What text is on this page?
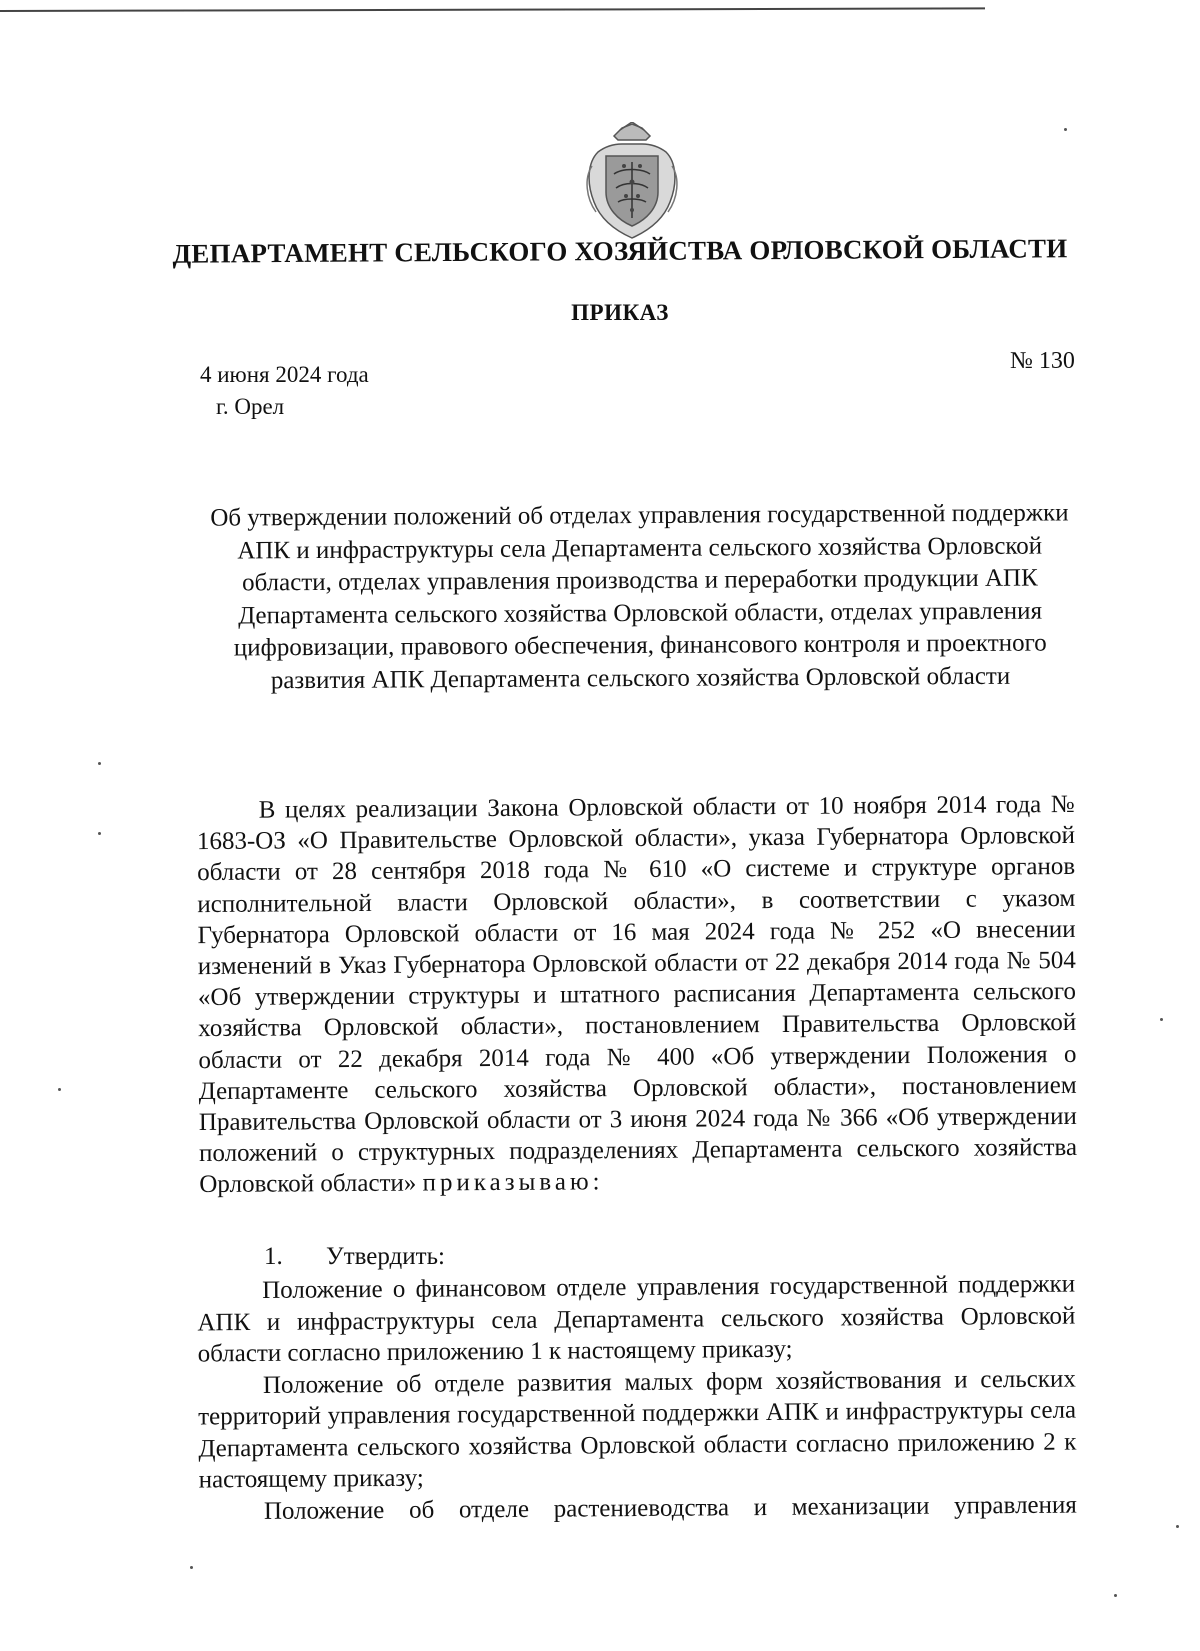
ДЕПАРТАМЕНТ СЕЛЬСКОГО ХОЗЯЙСТВА ОРЛОВСКОЙ ОБЛАСТИ
ПРИКАЗ
№ 130
4 июня 2024 года
г. Орел
Об утверждении положений об отделах управления государственной поддержки АПК и инфраструктуры села Департамента сельского хозяйства Орловской области, отделах управления производства и переработки продукции АПК Департамента сельского хозяйства Орловской области, отделах управления цифровизации, правового обеспечения, финансового контроля и проектного развития АПК Департамента сельского хозяйства Орловской области

В целях реализации Закона Орловской области от 10 ноября 2014 года № 1683-ОЗ «О Правительстве Орловской области», указа Губернатора Орловской области от 28 сентября 2018 года № 610 «О системе и структуре органов исполнительной власти Орловской области», в соответствии с указом Губернатора Орловской области от 16 мая 2024 года № 252 «О внесении изменений в Указ Губернатора Орловской области от 22 декабря 2014 года № 504 «Об утверждении структуры и штатного расписания Департамента сельского хозяйства Орловской области», постановлением Правительства Орловской области от 22 декабря 2014 года № 400 «Об утверждении Положения о Департаменте сельского хозяйства Орловской области», постановлением Правительства Орловской области от 3 июня 2024 года № 366 «Об утверждении положений о структурных подразделениях Департамента сельского хозяйства Орловской области» приказываю:

1. Утвердить:

Положение о финансовом отделе управления государственной поддержки АПК и инфраструктуры села Департамента сельского хозяйства Орловской области согласно приложению 1 к настоящему приказу;

Положение об отделе развития малых форм хозяйствования и сельских территорий управления государственной поддержки АПК и инфраструктуры села Департамента сельского хозяйства Орловской области согласно приложению 2 к настоящему приказу;

Положение об отделе растениеводства и механизации управления
